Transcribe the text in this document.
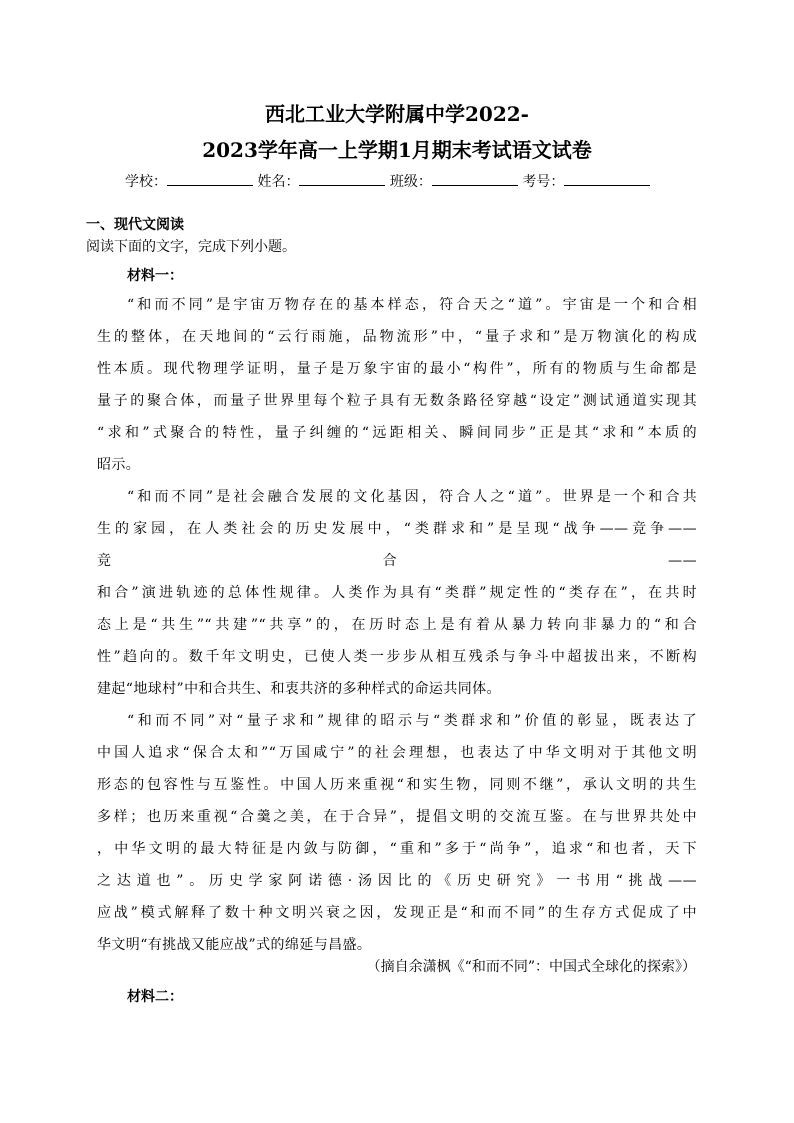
西北工业大学附属中学2022-
2023学年高一上学期1月期末考试语文试卷
学校：	姓名：	班级：	考号：
一、现代文阅读
阅读下面的文字，完成下列小题。
材料一：
“和而不同”是宇宙万物存在的基本样态，符合天之“道”。宇宙是一个和合相
生的整体，在天地间的“云行雨施，品物流形”中，“量子求和”是万物演化的构成
性本质。现代物理学证明，量子是万象宇宙的最小“构件”，所有的物质与生命都是
量子的聚合体，而量子世界里每个粒子具有无数条路径穿越“设定”测试通道实现其
“求和”式聚合的特性，量子纠缠的“远距相关、瞬间同步”正是其“求和”本质的
昭示。
“和而不同”是社会融合发展的文化基因，符合人之“道”。世界是一个和合共
生的家园，在人类社会的历史发展中，“类群求和”是呈现“战争——竞争——
竞　　　　　　　　　　　　　　合　　　　　　　　　　　　　　——
和合”演进轨迹的总体性规律。人类作为具有“类群”规定性的“类存在”，在共时
态上是“共生”“共建”“共享”的，在历时态上是有着从暴力转向非暴力的“和合
性”趋向的。数千年文明史，已使人类一步步从相互残杀与争斗中超拔出来，不断构
建起“地球村”中和合共生、和衷共济的多种样式的命运共同体。
“和而不同”对“量子求和”规律的昭示与“类群求和”价值的彰显，既表达了
中国人追求“保合太和”“万国咸宁”的社会理想，也表达了中华文明对于其他文明
形态的包容性与互鉴性。中国人历来重视“和实生物，同则不继”，承认文明的共生
多样；也历来重视“合羹之美，在于合异”，提倡文明的交流互鉴。在与世界共处中
，中华文明的最大特征是内敛与防御，“重和”多于“尚争”，追求“和也者，天下
之达道也”。历史学家阿诺德·汤因比的《历史研究》一书用“挑战——
应战”模式解释了数十种文明兴衰之因，发现正是“和而不同”的生存方式促成了中
华文明“有挑战又能应战”式的绵延与昌盛。
（摘自余潇枫《“和而不同”：中国式全球化的探索》）
材料二：
